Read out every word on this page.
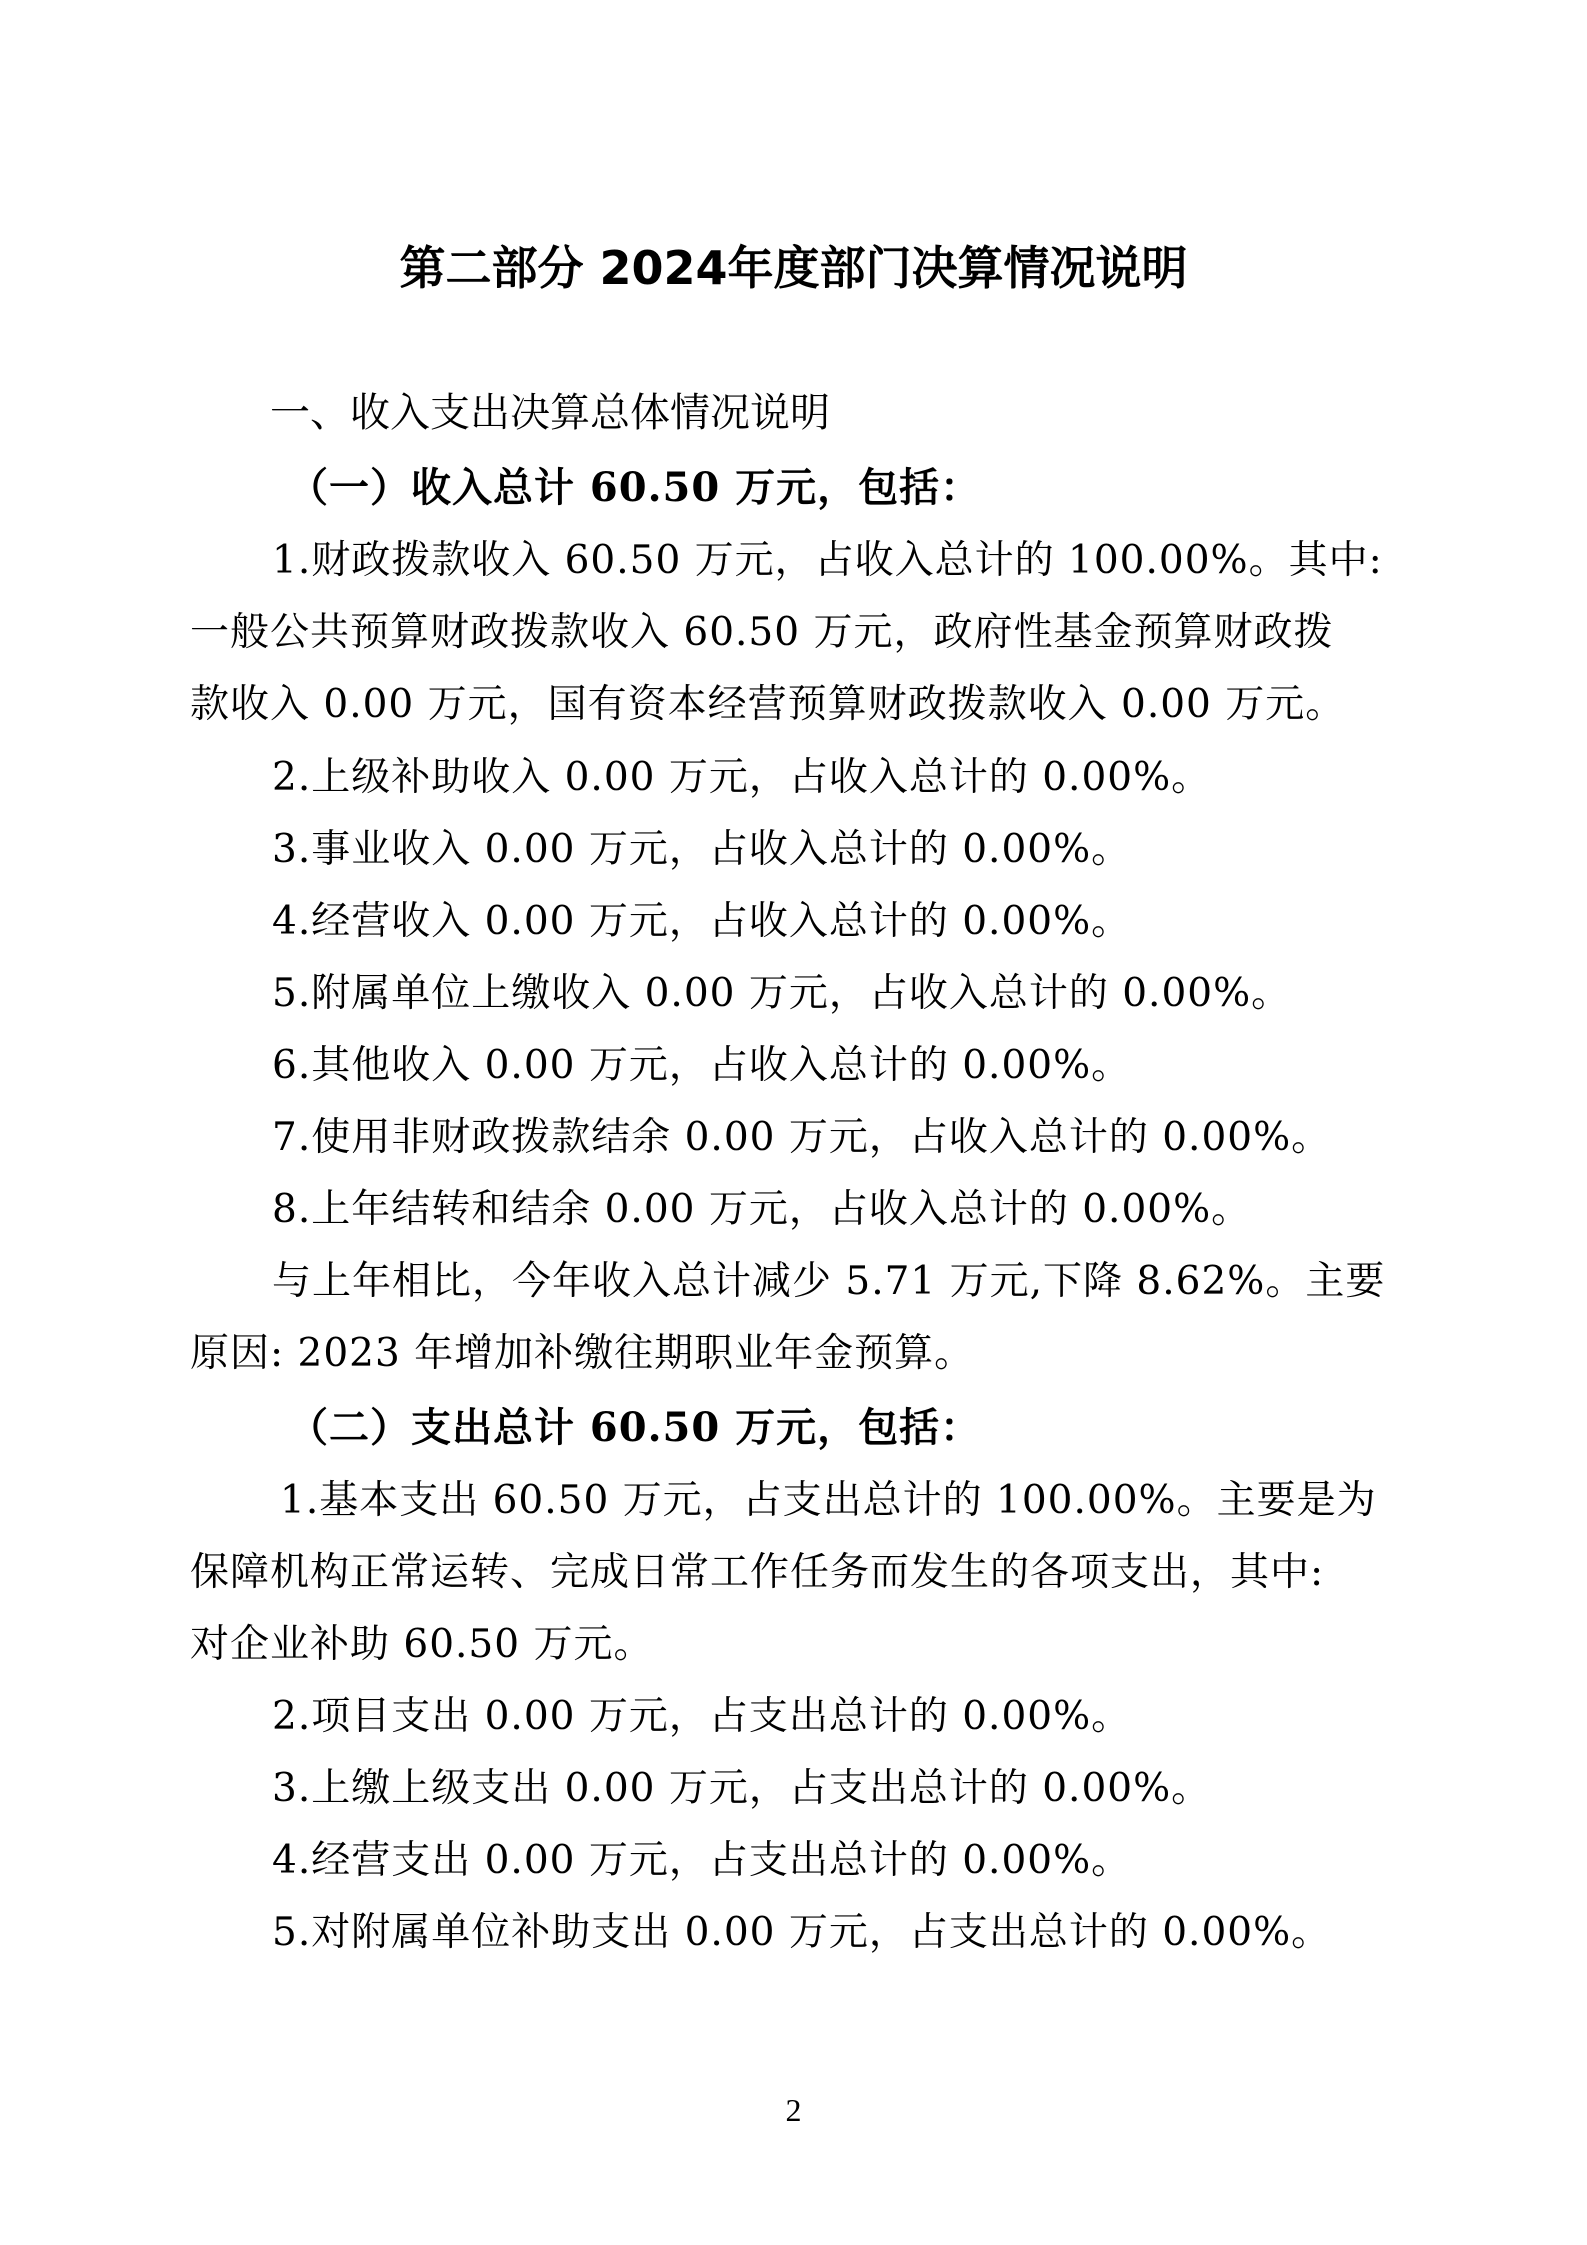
第二部分 2024年度部门决算情况说明
一、收入支出决算总体情况说明
（一）收入总计 60.50 万元，包括：
1.财政拨款收入 60.50 万元，占收入总计的 100.00%。其中:
一般公共预算财政拨款收入 60.50 万元，政府性基金预算财政拨
款收入 0.00 万元，国有资本经营预算财政拨款收入 0.00 万元。
2.上级补助收入 0.00 万元，占收入总计的 0.00%。
3.事业收入 0.00 万元，占收入总计的 0.00%。
4.经营收入 0.00 万元，占收入总计的 0.00%。
5.附属单位上缴收入 0.00 万元，占收入总计的 0.00%。
6.其他收入 0.00 万元，占收入总计的 0.00%。
7.使用非财政拨款结余 0.00 万元，占收入总计的 0.00%。
8.上年结转和结余 0.00 万元，占收入总计的 0.00%。
与上年相比，今年收入总计减少 5.71 万元,下降 8.62%。主要
原因: 2023 年增加补缴往期职业年金预算。
（二）支出总计 60.50 万元，包括：
1.基本支出 60.50 万元，占支出总计的 100.00%。主要是为
保障机构正常运转、完成日常工作任务而发生的各项支出，其中:
对企业补助 60.50 万元。
2.项目支出 0.00 万元，占支出总计的 0.00%。
3.上缴上级支出 0.00 万元，占支出总计的 0.00%。
4.经营支出 0.00 万元，占支出总计的 0.00%。
5.对附属单位补助支出 0.00 万元，占支出总计的 0.00%。
2
